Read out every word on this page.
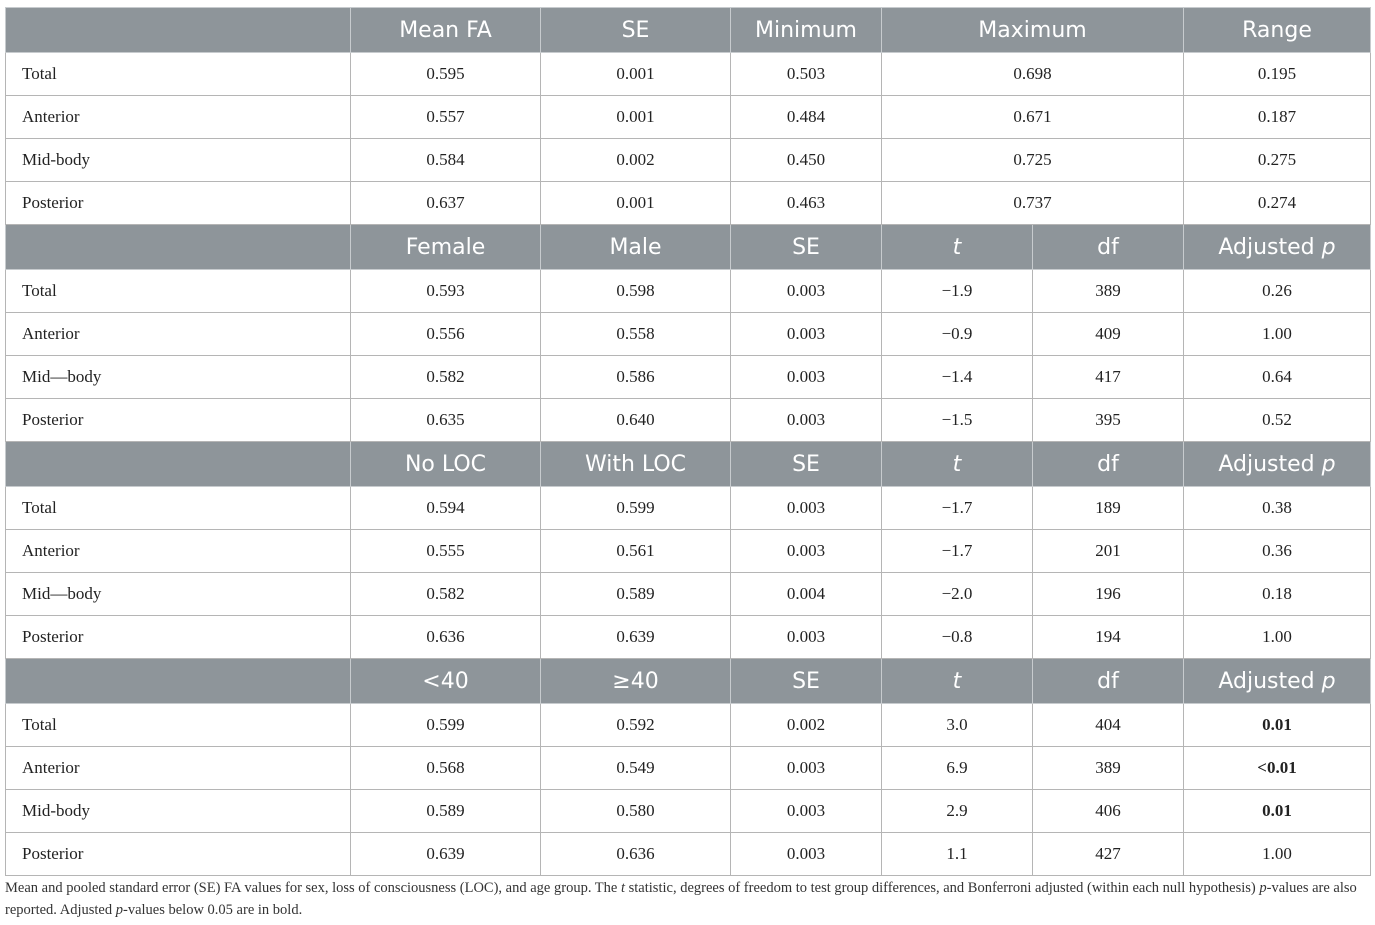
	Mean FA	SE	Minimum	Maximum		Range
Total	0.595	0.001	0.503	0.698		0.195
Anterior	0.557	0.001	0.484	0.671		0.187
Mid-body	0.584	0.002	0.450	0.725		0.275
Posterior	0.637	0.001	0.463	0.737		0.274
	Female	Male	SE	t	df	Adjusted p
Total	0.593	0.598	0.003	−1.9	389	0.26
Anterior	0.556	0.558	0.003	−0.9	409	1.00
Mid—body	0.582	0.586	0.003	−1.4	417	0.64
Posterior	0.635	0.640	0.003	−1.5	395	0.52
	No LOC	With LOC	SE	t	df	Adjusted p
Total	0.594	0.599	0.003	−1.7	189	0.38
Anterior	0.555	0.561	0.003	−1.7	201	0.36
Mid—body	0.582	0.589	0.004	−2.0	196	0.18
Posterior	0.636	0.639	0.003	−0.8	194	1.00
	<40	≥40	SE	t	df	Adjusted p
Total	0.599	0.592	0.002	3.0	404	0.01
Anterior	0.568	0.549	0.003	6.9	389	<0.01
Mid-body	0.589	0.580	0.003	2.9	406	0.01
Posterior	0.639	0.636	0.003	1.1	427	1.00
Mean and pooled standard error (SE) FA values for sex, loss of consciousness (LOC), and age group. The t statistic, degrees of freedom to test group differences, and Bonferroni adjusted (within each null hypothesis) p-values are also reported. Adjusted p-values below 0.05 are in bold.
